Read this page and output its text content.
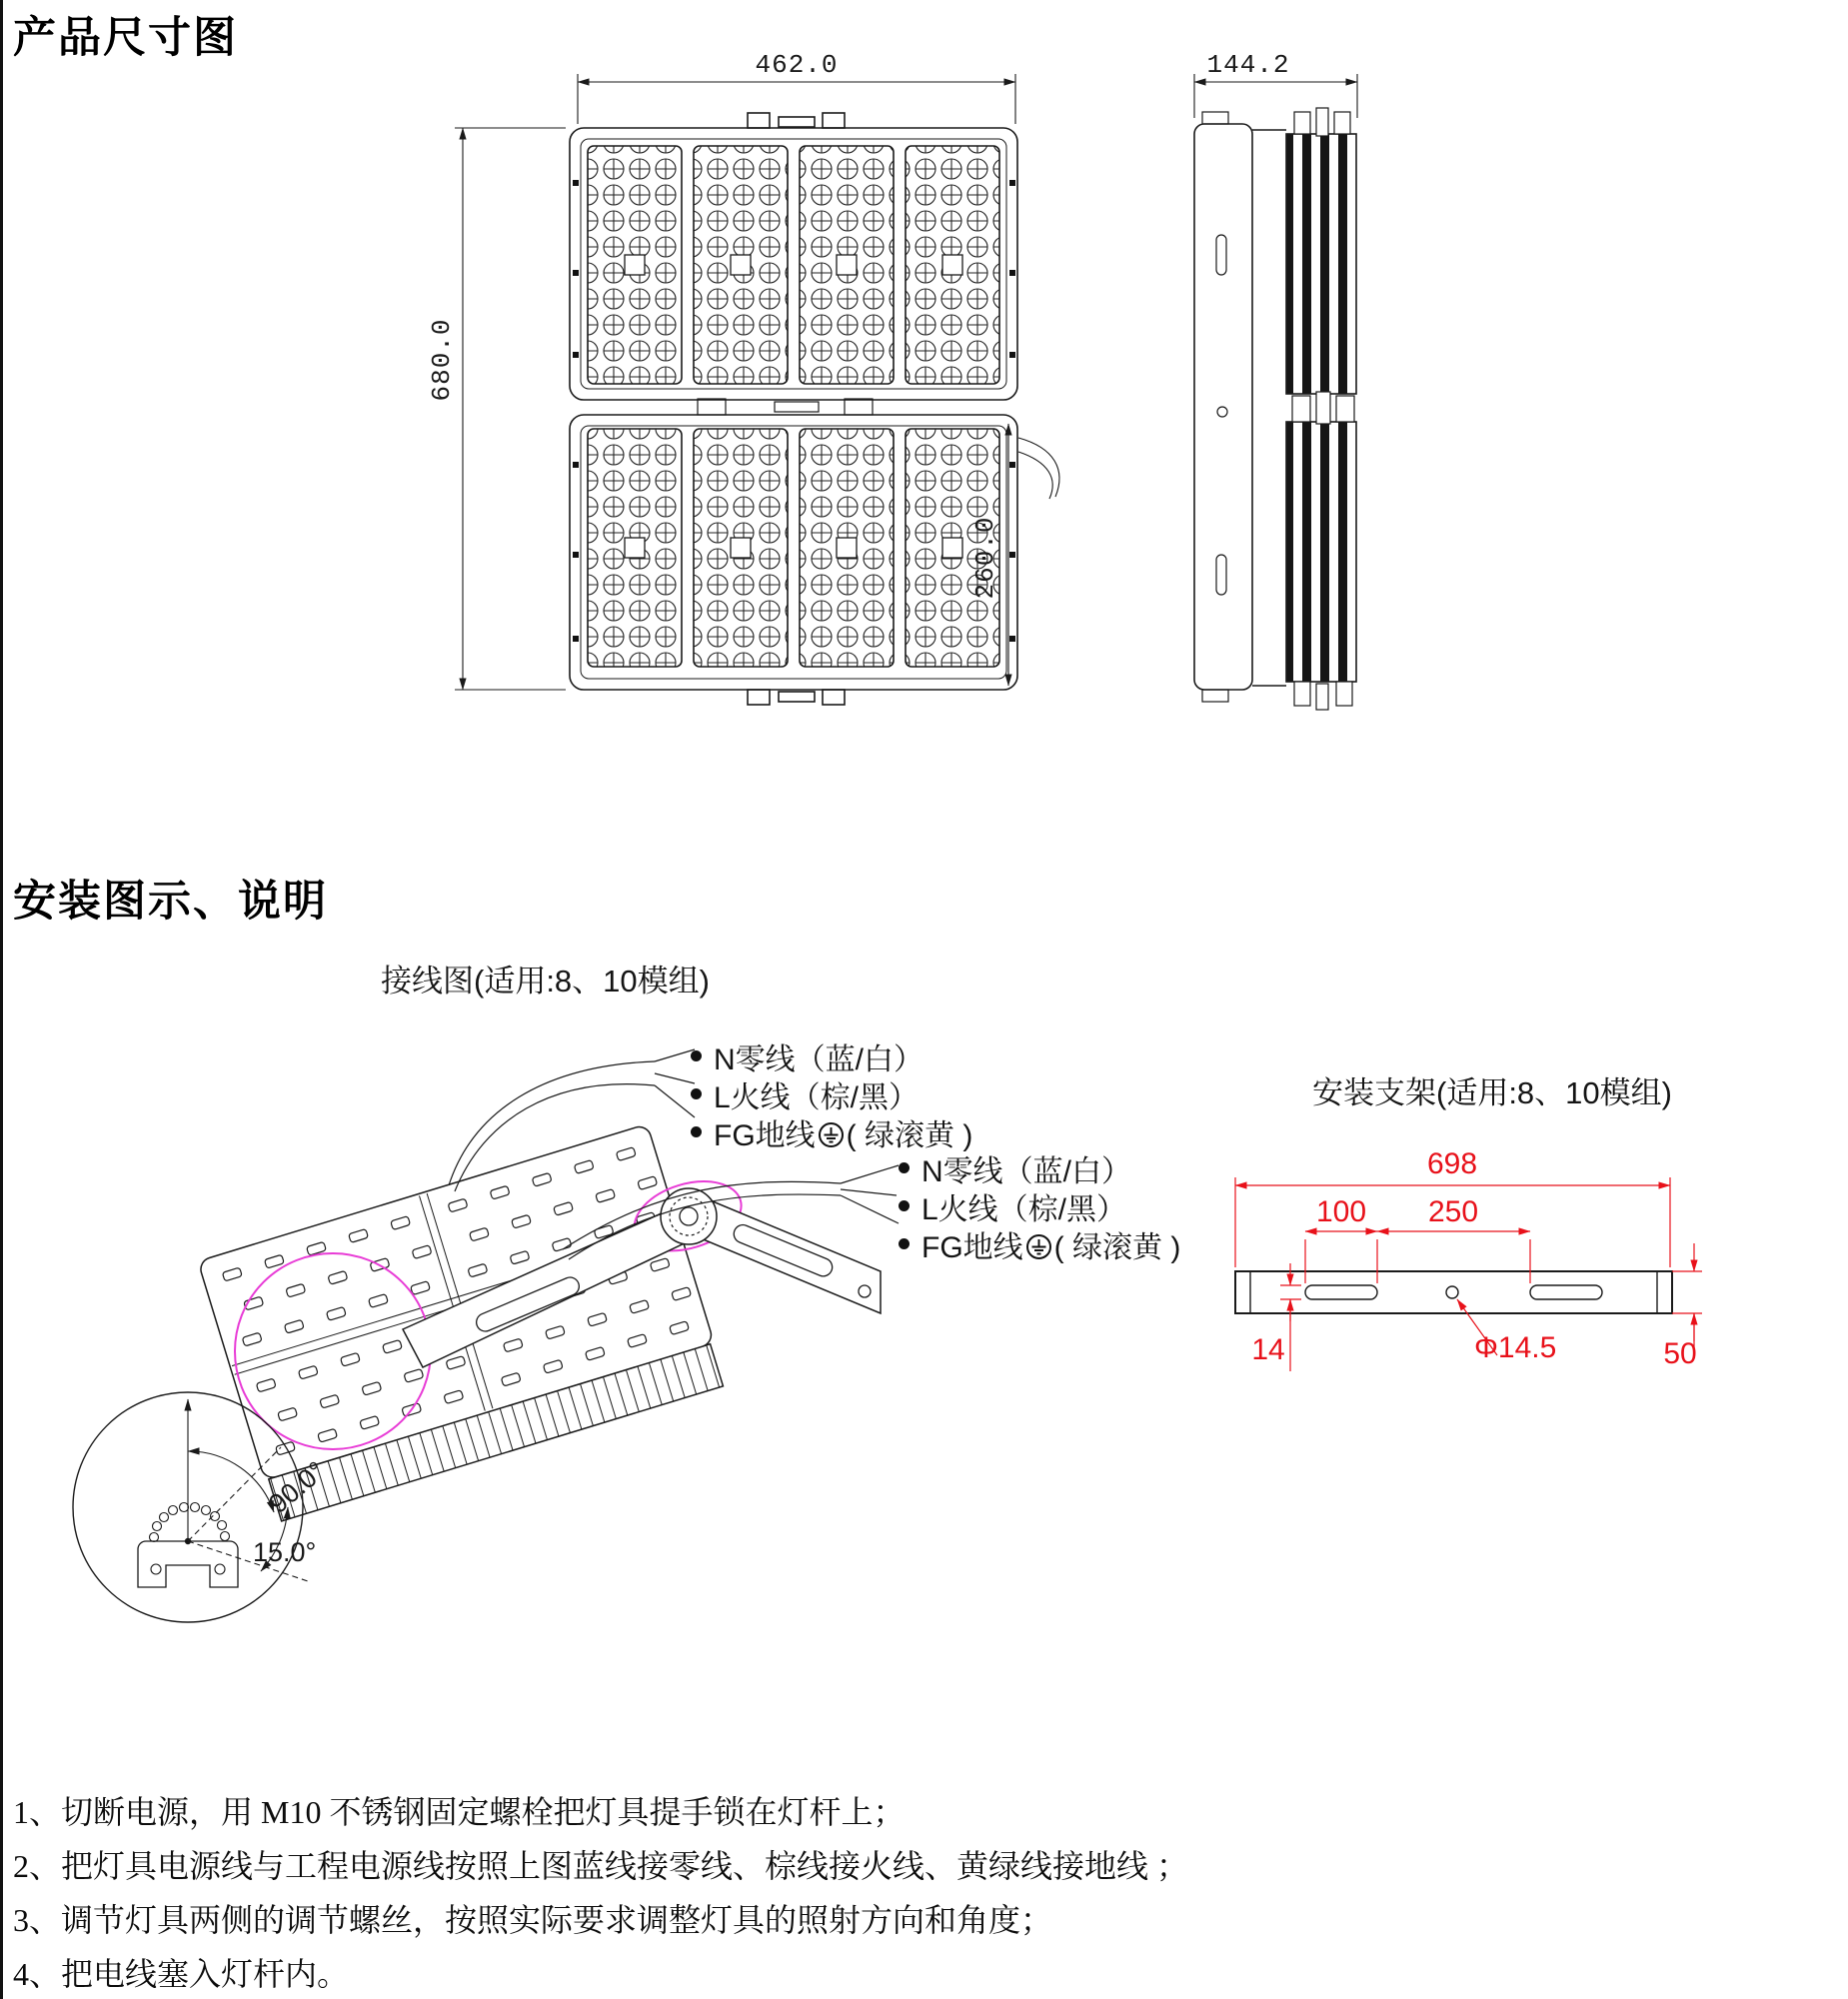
产品尺寸图
安装图示、说明
接线图(适用:8、10模组)
安装支架(适用:8、10模组)
N零线（蓝/白）
L火线（棕/黑）
FG地线 ( 绿滚黄 )
N零线（蓝/白）
L火线（棕/黑）
FG地线 ( 绿滚黄 )
462.0
680.0
260.0
144.2
90.0°
15.0°
698
100 250
14	Φ14.5	50
1、切断电源，用 M10 不锈钢固定螺栓把灯具提手锁在灯杆上；
2、把灯具电源线与工程电源线按照上图蓝线接零线、棕线接火线、黄绿线接地线 ；
3、调节灯具两侧的调节螺丝，按照实际要求调整灯具的照射方向和角度；
4、把电线塞入灯杆内。
